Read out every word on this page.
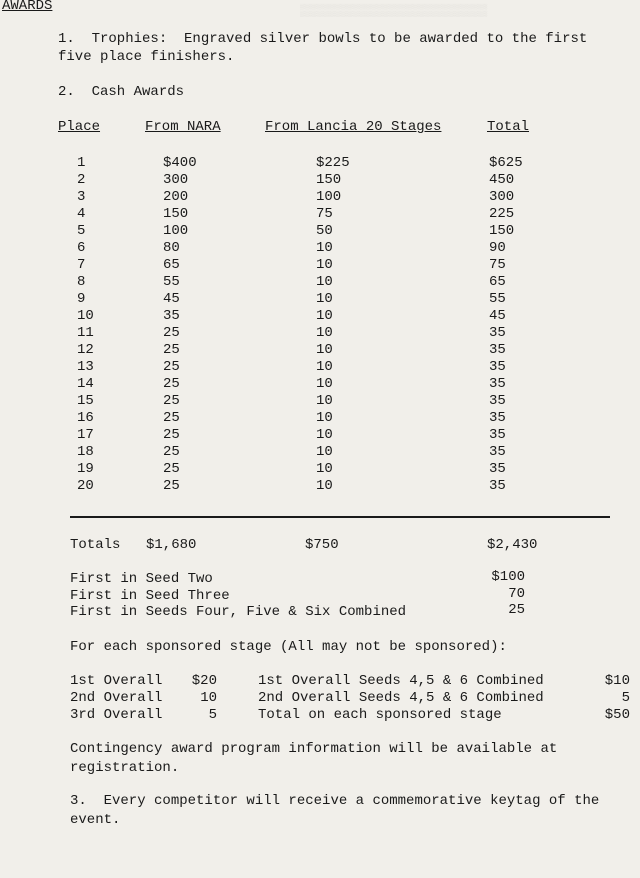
▒▒▒▒▒▒▒▒▒▒▒▒▒▒▒▒▒▒▒▒▒▒▒▒▒▒
AWARDS
1.  Trophies:  Engraved silver bowls to be awarded to the first
five place finishers.
2.  Cash Awards
Place	From NARA	From Lancia 20 Stages	Total
1	$400	$225	$625
2	300	150	450
3	200	100	300
4	150	75	225
5	100	50	150
6	80	10	90
7	65	10	75
8	55	10	65
9	45	10	55
10	35	10	45
11	25	10	35
12	25	10	35
13	25	10	35
14	25	10	35
15	25	10	35
16	25	10	35
17	25	10	35
18	25	10	35
19	25	10	35
20	25	10	35
Totals $1,680	$750	$2,430
First in Seed Two	$100
First in Seed Three	70
First in Seeds Four, Five & Six Combined	25
For each sponsored stage (All may not be sponsored):
1st Overall	$20	1st Overall Seeds 4,5 & 6 Combined	$10
2nd Overall	10	2nd Overall Seeds 4,5 & 6 Combined	5
3rd Overall	5	Total on each sponsored stage	$50
Contingency award program information will be available at
registration.
3.  Every competitor will receive a commemorative keytag of the
event.
